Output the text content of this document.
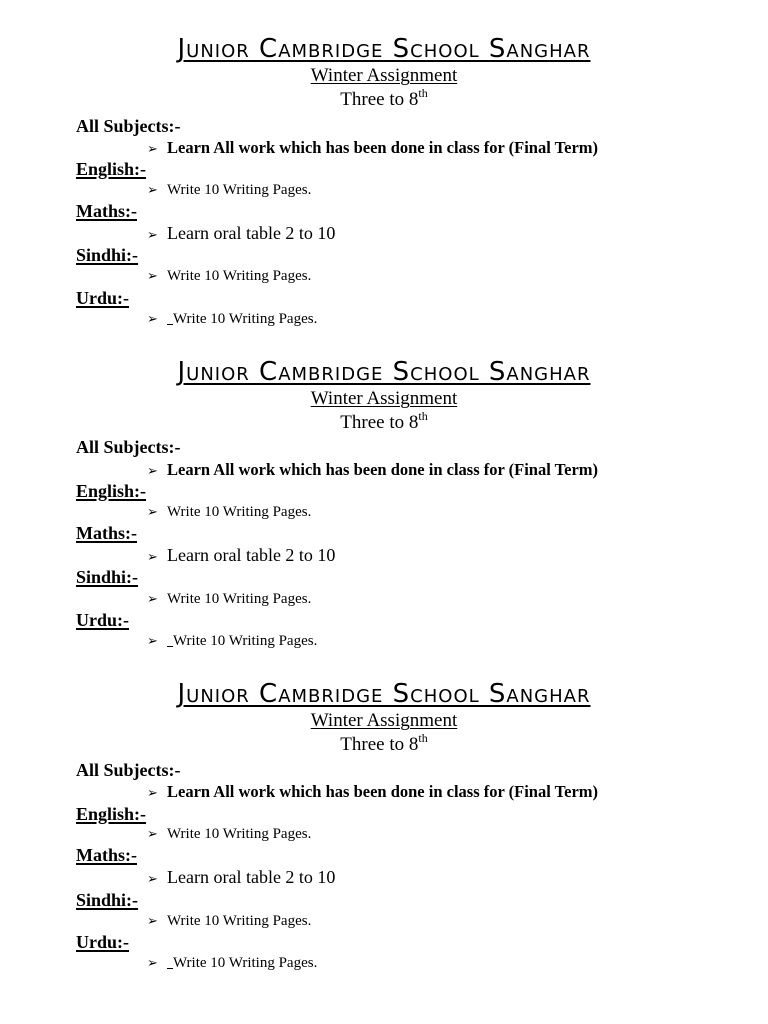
Junior Cambridge School Sanghar
Winter Assignment
Three to 8th
All Subjects:-
➢ Learn All work which has been done in class for (Final Term)
English:-
➢ Write 10 Writing Pages.
Maths:-
➢ Learn oral table 2 to 10
Sindhi:-
➢ Write 10 Writing Pages.
Urdu:-
➢ Write 10 Writing Pages.
Junior Cambridge School Sanghar
Winter Assignment
Three to 8th
All Subjects:-
➢ Learn All work which has been done in class for (Final Term)
English:-
➢ Write 10 Writing Pages.
Maths:-
➢ Learn oral table 2 to 10
Sindhi:-
➢ Write 10 Writing Pages.
Urdu:-
➢ Write 10 Writing Pages.
Junior Cambridge School Sanghar
Winter Assignment
Three to 8th
All Subjects:-
➢ Learn All work which has been done in class for (Final Term)
English:-
➢ Write 10 Writing Pages.
Maths:-
➢ Learn oral table 2 to 10
Sindhi:-
➢ Write 10 Writing Pages.
Urdu:-
➢ Write 10 Writing Pages.
